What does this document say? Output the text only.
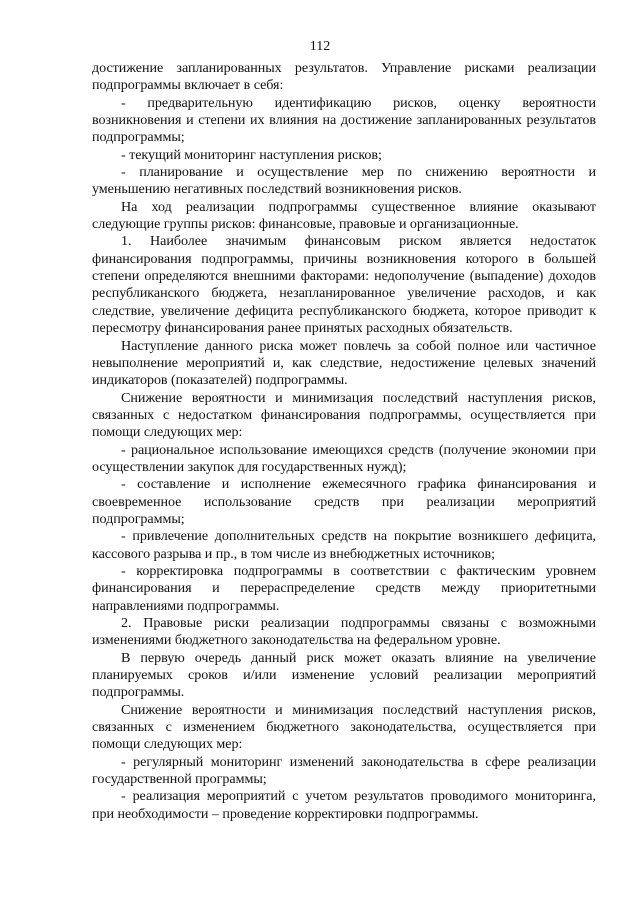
112

достижение запланированных результатов. Управление рисками реализации подпрограммы включает в себя:

- предварительную идентификацию рисков, оценку вероятности возникновения и степени их влияния на достижение запланированных результатов подпрограммы;

- текущий мониторинг наступления рисков;

- планирование и осуществление мер по снижению вероятности и уменьшению негативных последствий возникновения рисков.

На ход реализации подпрограммы существенное влияние оказывают следующие группы рисков: финансовые, правовые и организационные.

1. Наиболее значимым финансовым риском является недостаток финансирования подпрограммы, причины возникновения которого в большей степени определяются внешними факторами: недополучение (выпадение) доходов республиканского бюджета, незапланированное увеличение расходов, и как следствие, увеличение дефицита республиканского бюджета, которое приводит к пересмотру финансирования ранее принятых расходных обязательств.

Наступление данного риска может повлечь за собой полное или частичное невыполнение мероприятий и, как следствие, недостижение целевых значений индикаторов (показателей) подпрограммы.

Снижение вероятности и минимизация последствий наступления рисков, связанных с недостатком финансирования подпрограммы, осуществляется при помощи следующих мер:

- рациональное использование имеющихся средств (получение экономии при осуществлении закупок для государственных нужд);

- составление и исполнение ежемесячного графика финансирования и своевременное использование средств при реализации мероприятий подпрограммы;

- привлечение дополнительных средств на покрытие возникшего дефицита, кассового разрыва и пр., в том числе из внебюджетных источников;

- корректировка подпрограммы в соответствии с фактическим уровнем финансирования и перераспределение средств между приоритетными направлениями подпрограммы.

2. Правовые риски реализации подпрограммы связаны с возможными изменениями бюджетного законодательства на федеральном уровне.

В первую очередь данный риск может оказать влияние на увеличение планируемых сроков и/или изменение условий реализации мероприятий подпрограммы.

Снижение вероятности и минимизация последствий наступления рисков, связанных с изменением бюджетного законодательства, осуществляется при помощи следующих мер:

- регулярный мониторинг изменений законодательства в сфере реализации государственной программы;

- реализация мероприятий с учетом результатов проводимого мониторинга, при необходимости – проведение корректировки подпрограммы.
